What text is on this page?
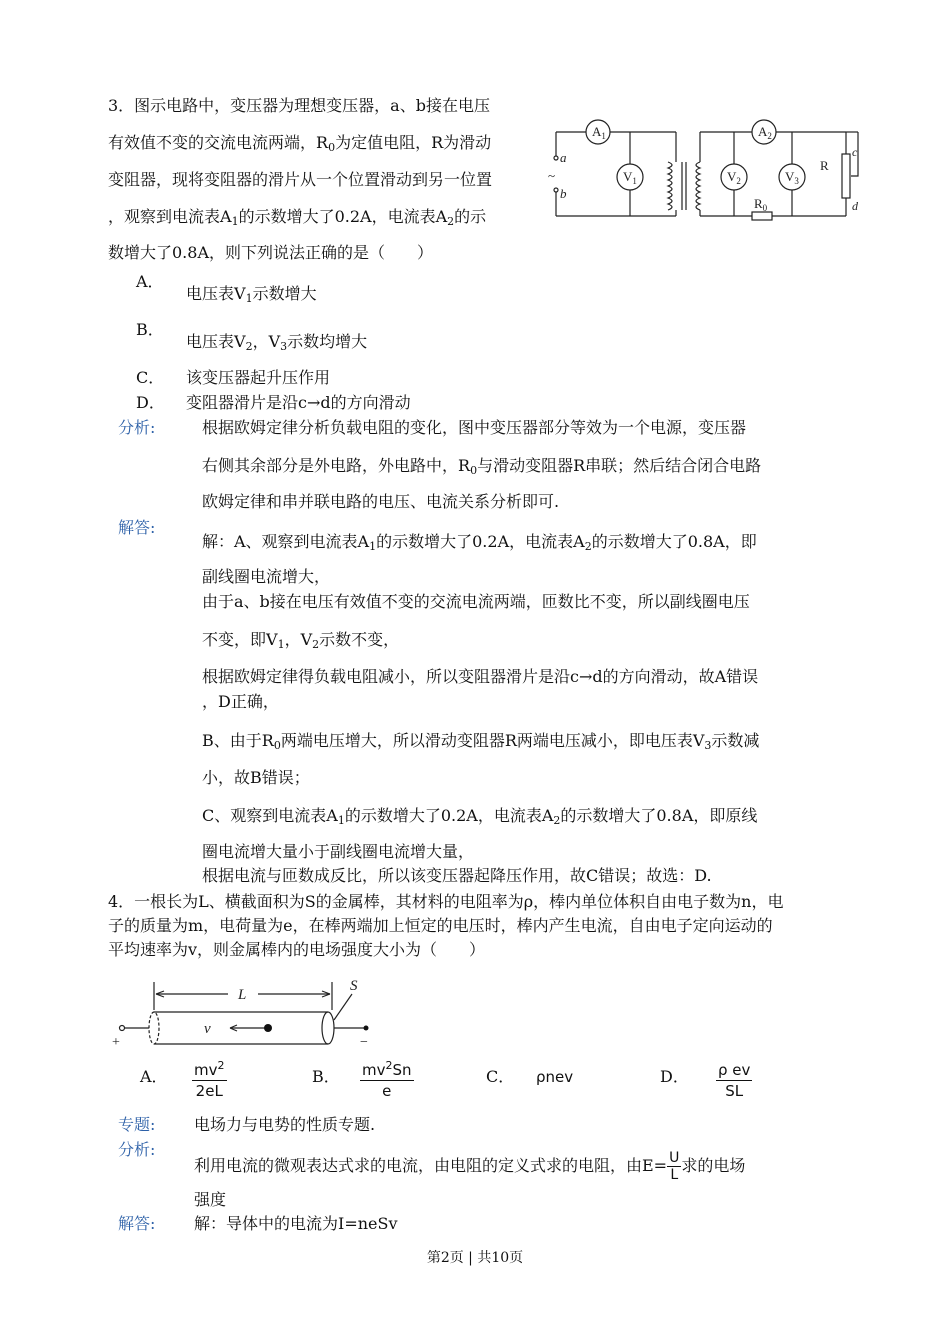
3．图示电路中，变压器为理想变压器，a、b接在电压
有效值不变的交流电流两端，$R_0$为定值电阻，R为滑动
变阻器，现将变阻器的滑片从一个位置滑动到另一位置
，观察到电流表$A_1$的示数增大了0.2A，电流表$A_2$的示
数增大了0.8A，则下列说法正确的是（　　）
$A_1$
$V_1$
$A_2$
$V_2$	$V_3$
$R_0$
R
a
b
~
c
d
A．
电压表$V_1$示数增大
B．
电压表$V_2$，$V_3$示数均增大
C． 该变压器起升压作用
D． 变阻器滑片是沿c→d的方向滑动
分析:	根据欧姆定律分析负载电阻的变化，图中变压器部分等效为一个电源，变压器
右侧其余部分是外电路，外电路中，$R_0$与滑动变阻器R串联；然后结合闭合电路
欧姆定律和串并联电路的电压、电流关系分析即可.
解答:
解：A、观察到电流表$A_1$的示数增大了0.2A，电流表$A_2$的示数增大了0.8A，即
副线圈电流增大，
由于a、b接在电压有效值不变的交流电流两端，匝数比不变，所以副线圈电压
不变，即$V_1$，$V_2$示数不变，
根据欧姆定律得负载电阻减小，所以变阻器滑片是沿c→d的方向滑动，故A错误
，D正确，
B、由于$R_0$两端电压增大，所以滑动变阻器R两端电压减小，即电压表$V_3$示数减
小，故B错误；
C、观察到电流表$A_1$的示数增大了0.2A，电流表$A_2$的示数增大了0.8A，即原线
圈电流增大量小于副线圈电流增大量，
根据电流与匝数成反比，所以该变压器起降压作用，故C错误；故选：D.
4．一根长为L、横截面积为S的金属棒，其材料的电阻率为ρ，棒内单位体积自由电子数为n，电
子的质量为m，电荷量为e，在棒两端加上恒定的电压时，棒内产生电流，自由电子定向运动的
平均速率为v，则金属棒内的电场强度大小为（　　）
L
S
v
+	−
A． $\frac{mv^2}{2eL}$	B． $\frac{mv^2Sn}{e}$	C． ρnev	D． $\frac{\text{ρ ev}}{SL}$
专题: 电场力与电势的性质专题.
分析:
利用电流的微观表达式求的电流，由电阻的定义式求的电阻，由$E= \frac{U}{L}$ 求的电场
强度
解答: 解：导体中的电流为I=neSv
第2页 | 共10页
